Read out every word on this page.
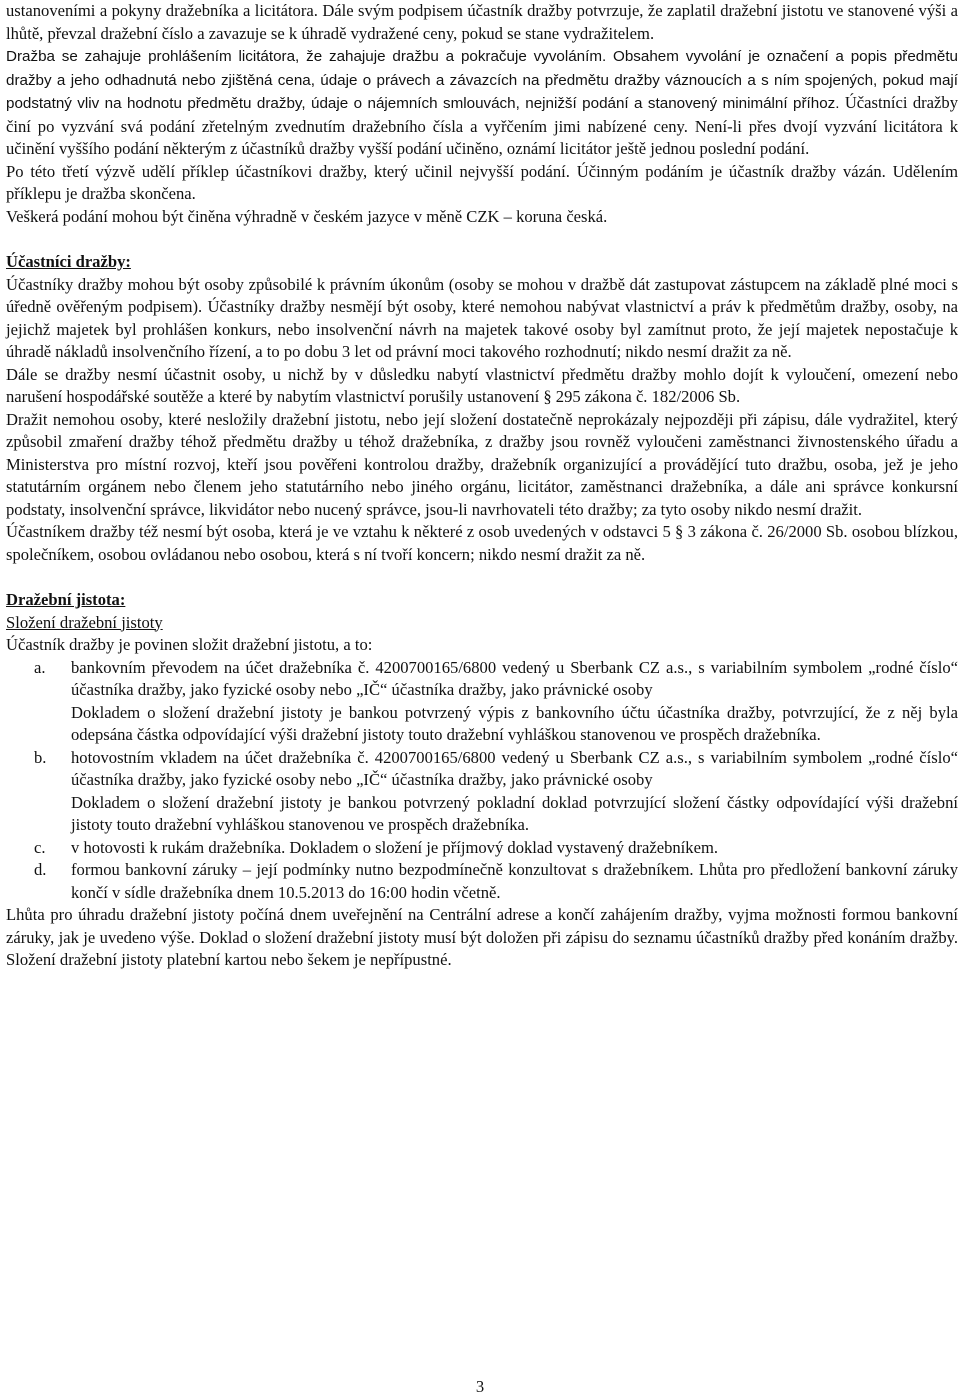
ustanoveními a pokyny dražebníka a licitátora. Dále svým podpisem účastník dražby potvrzuje, že zaplatil dražební jistotu ve stanovené výši a lhůtě, převzal dražební číslo a zavazuje se k úhradě vydražené ceny, pokud se stane vydražitelem.

Dražba se zahajuje prohlášením licitátora, že zahajuje dražbu a pokračuje vyvoláním. Obsahem vyvolání je označení a popis předmětu dražby a jeho odhadnutá nebo zjištěná cena, údaje o právech a závazcích na předmětu dražby váznoucích a s ním spojených, pokud mají podstatný vliv na hodnotu předmětu dražby, údaje o nájemních smlouvách, nejnižší podání a stanovený minimální příhoz. Účastníci dražby činí po vyzvání svá podání zřetelným zvednutím dražebního čísla a vyřčením jimi nabízené ceny. Není-li přes dvojí vyzvání licitátora k učinění vyššího podání některým z účastníků dražby vyšší podání učiněno, oznámí licitátor ještě jednou poslední podání.

Po této třetí výzvě udělí příklep účastníkovi dražby, který učinil nejvyšší podání. Účinným podáním je účastník dražby vázán. Udělením příklepu je dražba skončena.

Veškerá podání mohou být činěna výhradně v českém jazyce v měně CZK – koruna česká.

Účastníci dražby:

Účastníky dražby mohou být osoby způsobilé k právním úkonům (osoby se mohou v dražbě dát zastupovat zástupcem na základě plné moci s úředně ověřeným podpisem). Účastníky dražby nesmějí být osoby, které nemohou nabývat vlastnictví a práv k předmětům dražby, osoby, na jejichž majetek byl prohlášen konkurs, nebo insolvenční návrh na majetek takové osoby byl zamítnut proto, že její majetek nepostačuje k úhradě nákladů insolvenčního řízení, a to po dobu 3 let od právní moci takového rozhodnutí; nikdo nesmí dražit za ně.

Dále se dražby nesmí účastnit osoby, u nichž by v důsledku nabytí vlastnictví předmětu dražby mohlo dojít k vyloučení, omezení nebo narušení hospodářské soutěže a které by nabytím vlastnictví porušily ustanovení § 295 zákona č. 182/2006 Sb.

Dražit nemohou osoby, které nesložily dražební jistotu, nebo její složení dostatečně neprokázaly nejpozději při zápisu, dále vydražitel, který způsobil zmaření dražby téhož předmětu dražby u téhož dražebníka, z dražby jsou rovněž vyloučeni zaměstnanci živnostenského úřadu a Ministerstva pro místní rozvoj, kteří jsou pověřeni kontrolou dražby, dražebník organizující a provádějící tuto dražbu, osoba, jež je jeho statutárním orgánem nebo členem jeho statutárního nebo jiného orgánu, licitátor, zaměstnanci dražebníka, a dále ani správce konkursní podstaty, insolvenční správce, likvidátor nebo nucený správce, jsou-li navrhovateli této dražby; za tyto osoby nikdo nesmí dražit.

Účastníkem dražby též nesmí být osoba, která je ve vztahu k některé z osob uvedených v odstavci 5 § 3 zákona č. 26/2000 Sb. osobou blízkou, společníkem, osobou ovládanou nebo osobou, která s ní tvoří koncern; nikdo nesmí dražit za ně.

Dražební jistota:

Složení dražební jistoty

Účastník dražby je povinen složit dražební jistotu, a to:

a.	bankovním převodem na účet dražebníka č. 4200700165/6800 vedený u Sberbank CZ a.s., s variabilním symbolem „rodné číslo“ účastníka dražby, jako fyzické osoby nebo „IČ“ účastníka dražby, jako právnické osoby

Dokladem o složení dražební jistoty je bankou potvrzený výpis z bankovního účtu účastníka dražby, potvrzující, že z něj byla odepsána částka odpovídající výši dražební jistoty touto dražební vyhláškou stanovenou ve prospěch dražebníka.

b.	hotovostním vkladem na účet dražebníka č. 4200700165/6800 vedený u Sberbank CZ a.s., s variabilním symbolem „rodné číslo“ účastníka dražby, jako fyzické osoby nebo „IČ“ účastníka dražby, jako právnické osoby

Dokladem o složení dražební jistoty je bankou potvrzený pokladní doklad potvrzující složení částky odpovídající výši dražební jistoty touto dražební vyhláškou stanovenou ve prospěch dražebníka.

c.	v hotovosti k rukám dražebníka. Dokladem o složení je příjmový doklad vystavený dražebníkem.

d.	formou bankovní záruky – její podmínky nutno bezpodmínečně konzultovat s dražebníkem. Lhůta pro předložení bankovní záruky končí v sídle dražebníka dnem 10.5.2013 do 16:00 hodin včetně.

Lhůta pro úhradu dražební jistoty počíná dnem uveřejnění na Centrální adrese a končí zahájením dražby, vyjma možnosti formou bankovní záruky, jak je uvedeno výše. Doklad o složení dražební jistoty musí být doložen při zápisu do seznamu účastníků dražby před konáním dražby. Složení dražební jistoty platební kartou nebo šekem je nepřípustné.

3
